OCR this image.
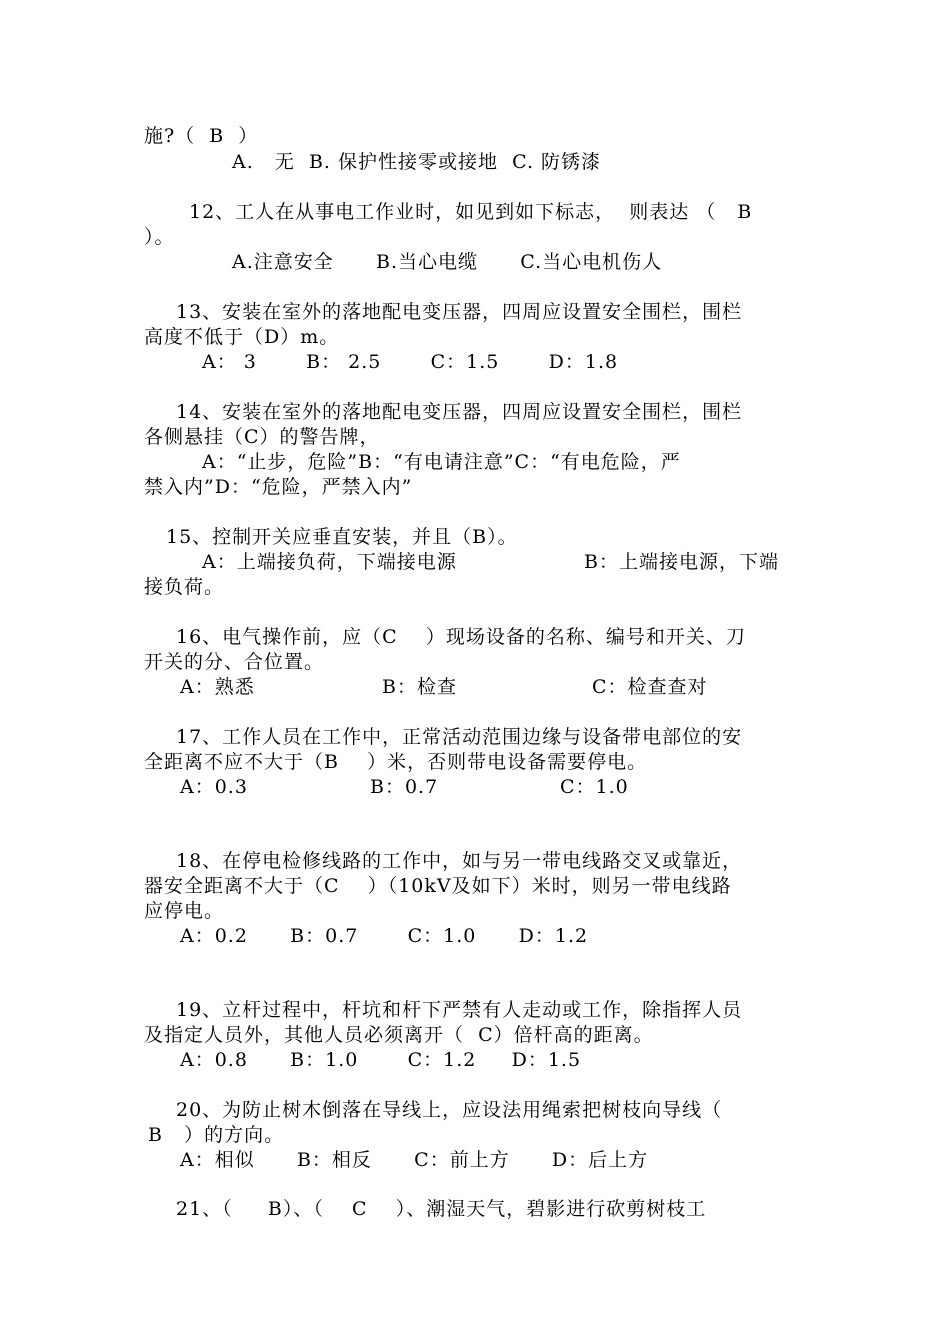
施?（  B  ）
A.   无  B. 保护性接零或接地  C. 防锈漆
12、工人在从事电工作业时，如见到如下标志，  则表达 （   B
）。
A.注意安全      B.当心电缆      C.当心电机伤人
13、安装在室外的落地配电变压器，四周应设置安全围栏，围栏
高度不低于（D）m。
A： 3       B： 2.5       C：1.5       D：1.8
14、安装在室外的落地配电变压器，四周应设置安全围栏，围栏
各侧悬挂（C）的警告牌，
A：“止步，危险”B：“有电请注意”C：“有电危险，严
禁入内”D：“危险，严禁入内”
15、控制开关应垂直安装，并且（B）。
A：上端接负荷，下端接电源	B：上端接电源，下端
接负荷。
16、电气操作前，应（C    ）现场设备的名称、编号和开关、刀
开关的分、合位置。
A：熟悉	B：检查	C：检查查对
17、工作人员在工作中，正常活动范围边缘与设备带电部位的安
全距离不应不大于（B    ）米，否则带电设备需要停电。
A：0.3	B：0.7	C：1.0
18、在停电检修线路的工作中，如与另一带电线路交叉或靠近，
器安全距离不大于（C    ）（10kV及如下）米时，则另一带电线路
应停电。
A：0.2      B：0.7       C：1.0      D：1.2
19、立杆过程中，杆坑和杆下严禁有人走动或工作，除指挥人员
及指定人员外，其他人员必须离开（  C）倍杆高的距离。
A：0.8      B：1.0       C：1.2     D：1.5
20、为防止树木倒落在导线上，应设法用绳索把树枝向导线（
B   ）的方向。
A：相似      B：相反      C：前上方      D：后上方
21、（     B）、（    C    ）、潮湿天气，碧影进行砍剪树枝工
